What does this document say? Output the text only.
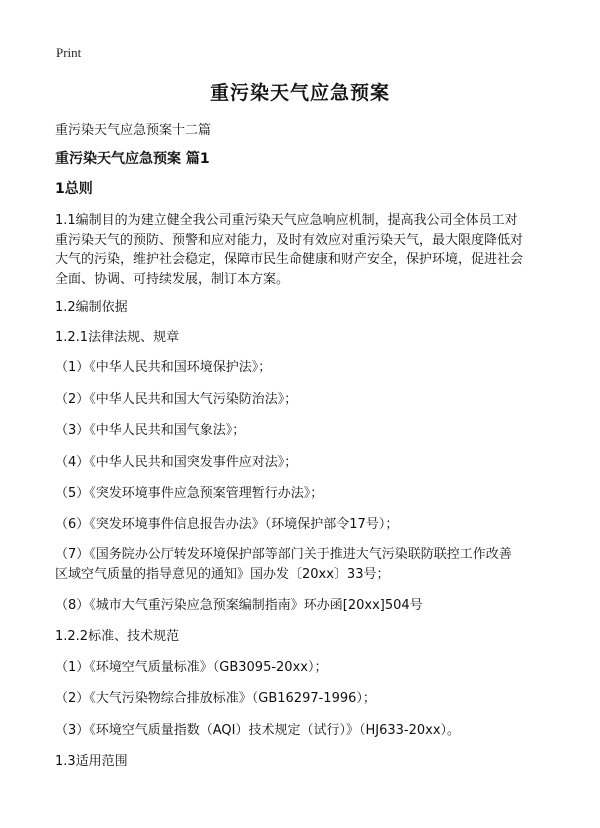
Print
重污染天气应急预案
重污染天气应急预案十二篇
重污染天气应急预案 篇1
1总则
1.1编制目的为建立健全我公司重污染天气应急响应机制，提高我公司全体员工对
重污染天气的预防、预警和应对能力，及时有效应对重污染天气，最大限度降低对
大气的污染，维护社会稳定，保障市民生命健康和财产安全，保护环境，促进社会
全面、协调、可持续发展，制订本方案。
1.2编制依据
1.2.1法律法规、规章
（1）《中华人民共和国环境保护法》；
（2）《中华人民共和国大气污染防治法》；
（3）《中华人民共和国气象法》；
（4）《中华人民共和国突发事件应对法》；
（5）《突发环境事件应急预案管理暂行办法》；
（6）《突发环境事件信息报告办法》（环境保护部令17号）；
（7）《国务院办公厅转发环境保护部等部门关于推进大气污染联防联控工作改善
区域空气质量的指导意见的通知》国办发〔20xx〕33号；
（8）《城市大气重污染应急预案编制指南》环办函[20xx]504号
1.2.2标准、技术规范
（1）《环境空气质量标准》（GB3095-20xx）；
（2）《大气污染物综合排放标准》（GB16297-1996）；
（3）《环境空气质量指数（AQI）技术规定（试行）》（HJ633-20xx）。
1.3适用范围
